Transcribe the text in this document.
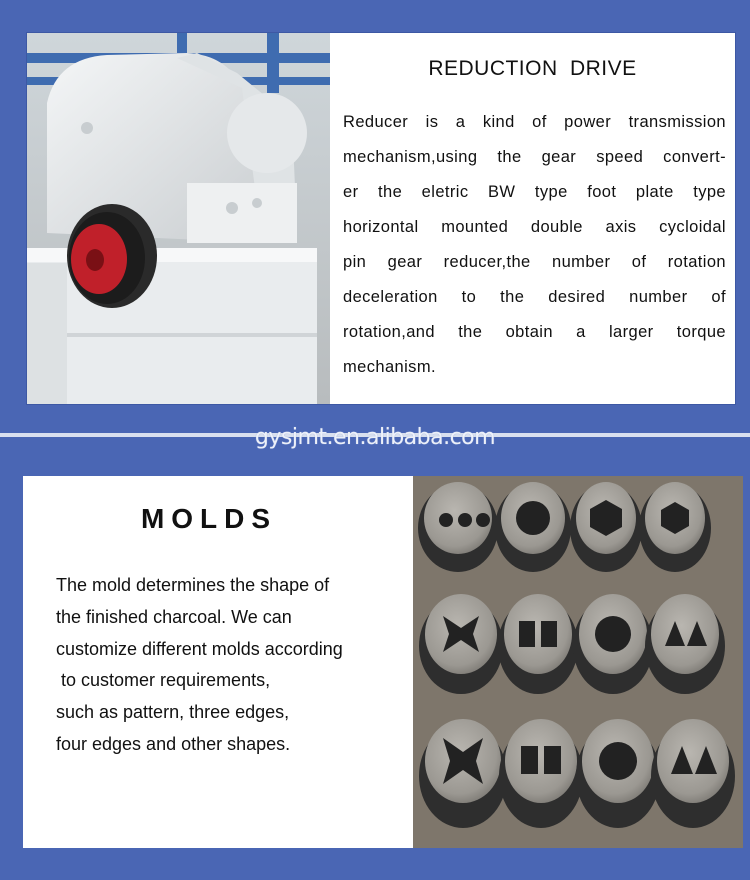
REDUCTION DRIVE
Reducer is a kind of power transmission
mechanism,using the gear speed convert-
er the eletric BW type foot plate type
horizontal mounted double axis cycloidal
pin gear reducer,the number of rotation
deceleration to the desired number of
rotation,and the obtain a larger torque
mechanism.
gysjmt.en.alibaba.com
MOLDS
The mold determines the shape of
the finished charcoal. We can
customize different molds according
to customer requirements,
such as pattern, three edges,
four edges and other shapes.
